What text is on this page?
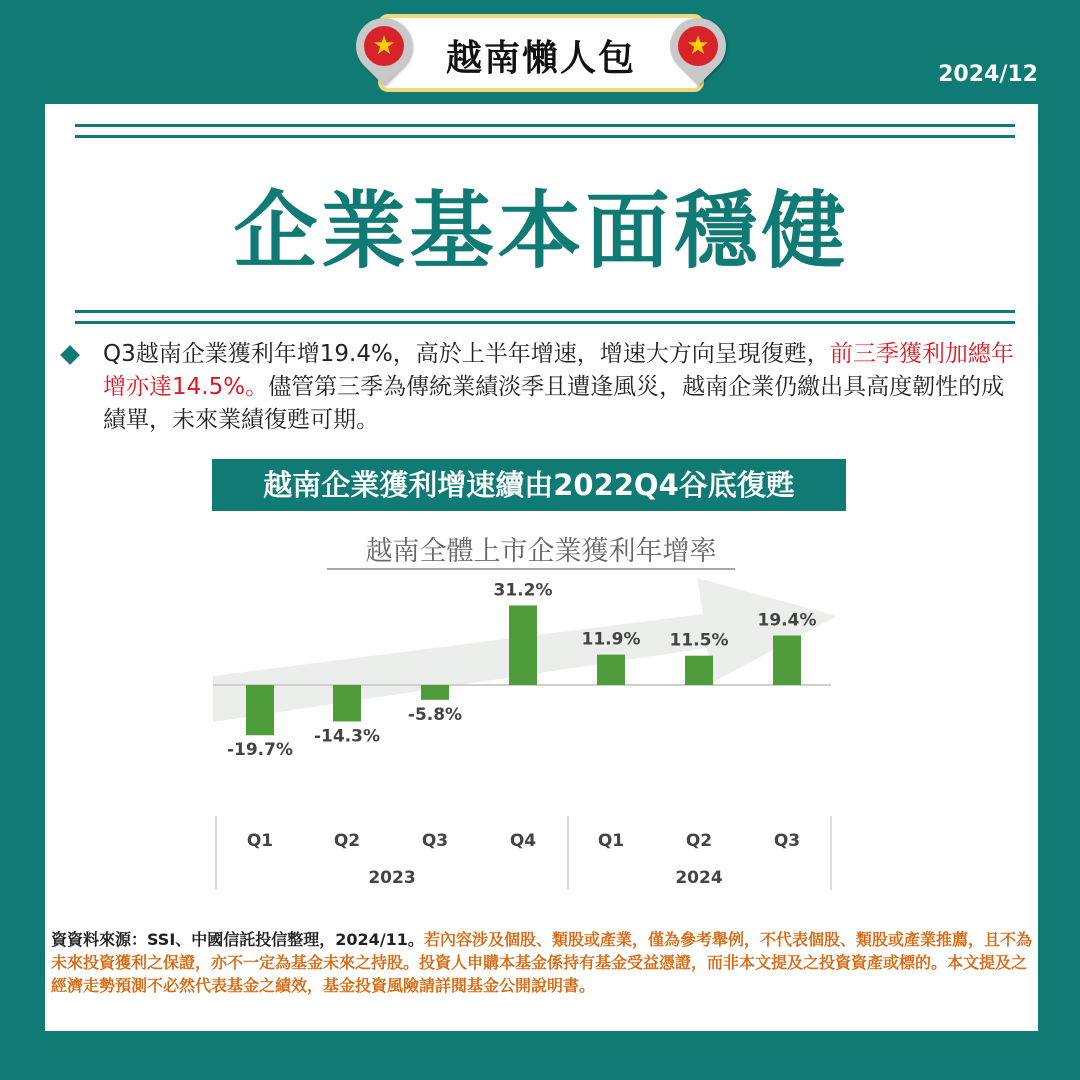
越南懶人包
★	★
2024/12
企業基本面穩健
Q3越南企業獲利年增19.4%，高於上半年增速，增速大方向呈現復甦，前三季獲利加總年增亦達14.5%。儘管第三季為傳統業績淡季且遭逢風災，越南企業仍繳出具高度韌性的成績單，未來業績復甦可期。
越南企業獲利增速續由2022Q4谷底復甦
越南全體上市企業獲利年增率
-19.7%
Q1
-14.3%
Q2
-5.8%
Q3
31.2%
Q4
11.9%
Q1
11.5%
Q2
19.4%
Q3
2023	2024
資資料來源：SSI、中國信託投信整理，2024/11。若內容涉及個股、類股或產業，僅為參考舉例，不代表個股、類股或產業推薦，且不為未來投資獲利之保證，亦不一定為基金未來之持股。投資人申購本基金係持有基金受益憑證，而非本文提及之投資資產或標的。本文提及之經濟走勢預測不必然代表基金之績效，基金投資風險請詳閱基金公開說明書。
